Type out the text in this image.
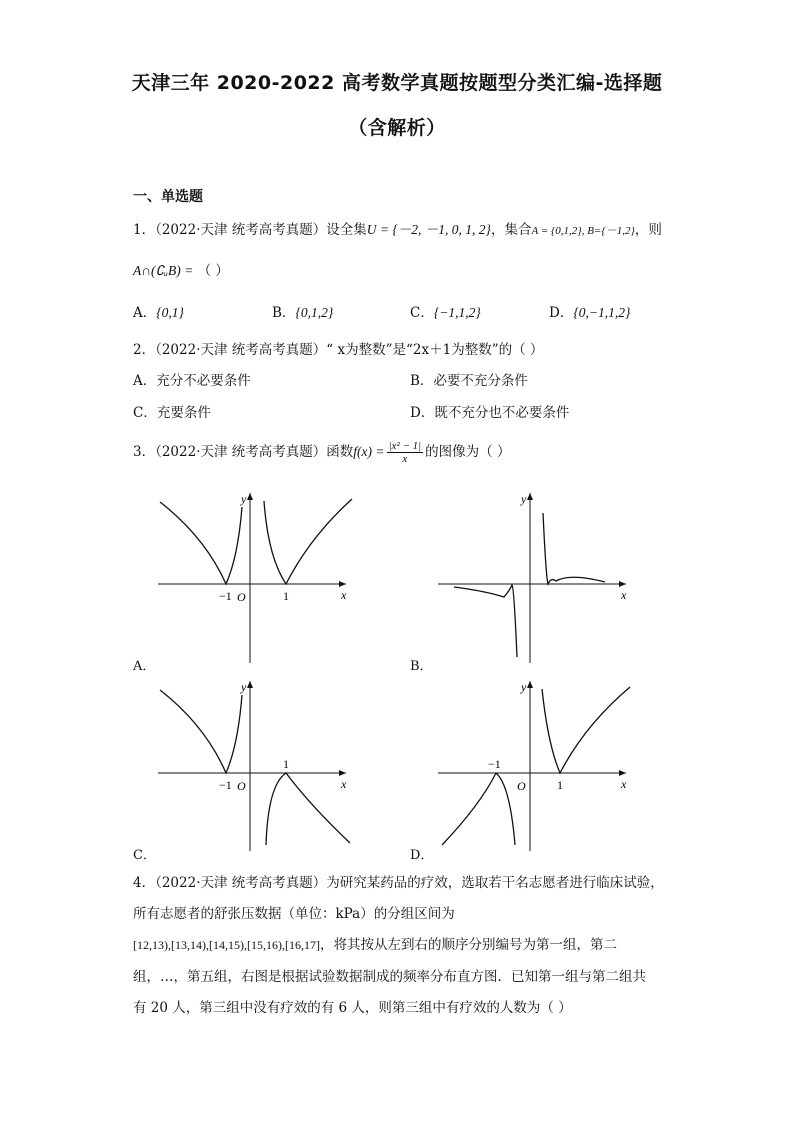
天津三年 2020-2022 高考数学真题按题型分类汇编-选择题
（含解析）
一、单选题
1．（2022·天津 统考高考真题）设全集U = {－2, －1, 0, 1, 2}，集合A = {0,1,2}, B={－1,2}，则
A∩(∁ᵤB) = （ ）
A．{0,1}	B．{0,1,2}	C．{−1,1,2}	D．{0,−1,1,2}
2．（2022·天津 统考高考真题）“ x为整数”是“2x＋1为整数”的（ ）
A．充分不必要条件	B．必要不充分条件
C．充要条件	D．既不充分也不必要条件
3．（2022·天津 统考高考真题）函数$f(x) = \frac{\text{|x² − 1|}}{x}$ 的图像为（ ）
−1 O	1	x
y
A．
x
y
B．
−1 O
1
x
y
C．
−1
O	1	x
y
D．
4．（2022·天津 统考高考真题）为研究某药品的疗效，选取若干名志愿者进行临床试验，
所有志愿者的舒张压数据（单位：kPa）的分组区间为
[12,13),[13,14),[14,15),[15,16),[16,17]，将其按从左到右的顺序分别编号为第一组，第二
组，…，第五组，右图是根据试验数据制成的频率分布直方图．已知第一组与第二组共
有 20 人，第三组中没有疗效的有 6 人，则第三组中有疗效的人数为（ ）
